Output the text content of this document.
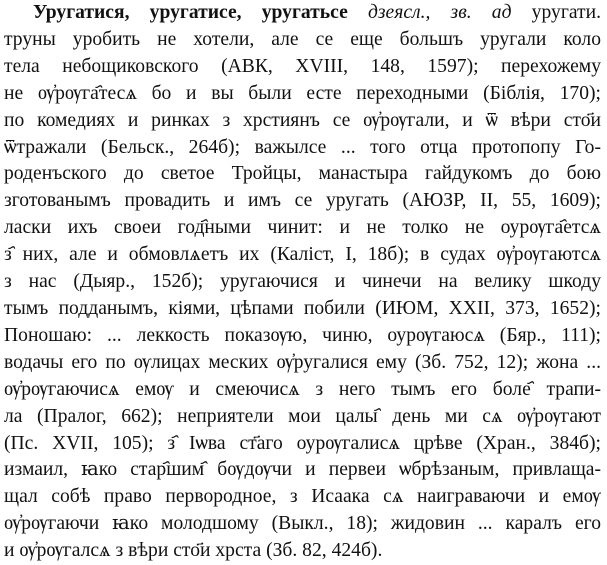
Уругатися, уругатисе, уругатьсе дзеясл., зв. ад уругати.
труны уробить не хотели, але се еще большъ уругали коло
тела небощиковского (АВК, XVIII, 148, 1597); перехожему
не ѹ҆рѹга҄тесѧ бо и вы были есте переходными (Бiблія, 170);
по комедиях и ринках з хрстиянъ се ѹ҆рѹгали, и ѿ вѣри сто҃и
ѿтражали (Бельск., 264б); важылсе ... того отца протопопу Го-
роденъского до светое Тройцы, манастыра гайдукомъ до бою
зготованымъ провадить и имъ се уругать (АЮЗР, II, 55, 1609);
ласки ихъ своеи год҄ными чинит: и не толко не оурѹга҄етсѧ
з҄ них, але и обмовлѧетъ их (Калiст, I, 18б); в судах ѹ҆рѹгаютсѧ
з нас (Дыяр., 152б); уругаючися и чинечи на велику шкоду
тымъ подданымъ, кiями, цѣпами побили (ИЮМ, XXII, 373, 1652);
Поношаю: ... леккость показѹю, чиню, оурѹгаюсѧ (Бяр., 111);
водачы его по ѹлицах меских ѹ҆ругалися ему (Зб. 752, 12); жона ...
ѹ҆рѹгаючисѧ емѹ и смеючисѧ з него тымъ его боле҄ трапи-
ла (Пралог, 662); неприятели мои цалы҄ день ми сѧ ѹ҆рѹгают
(Пс. XVII, 105); з҄ Іѡва ст҃аго оурѹгалисѧ црѣве (Хран., 384б);
измаил, ꙗко стар҄шим҄ бѹдѹчи и первеи ѡбрѣзаным, привлаща-
щал собѣ право первородное, з Исаака сѧ наиграваючи и емѹ
ѹ҆рѹгаючи ꙗко молодшому (Выкл., 18); жидовин ... каралъ его
и ѹ҆рѹгалсѧ з вѣри сто҃и хрста (Зб. 82, 424б).
